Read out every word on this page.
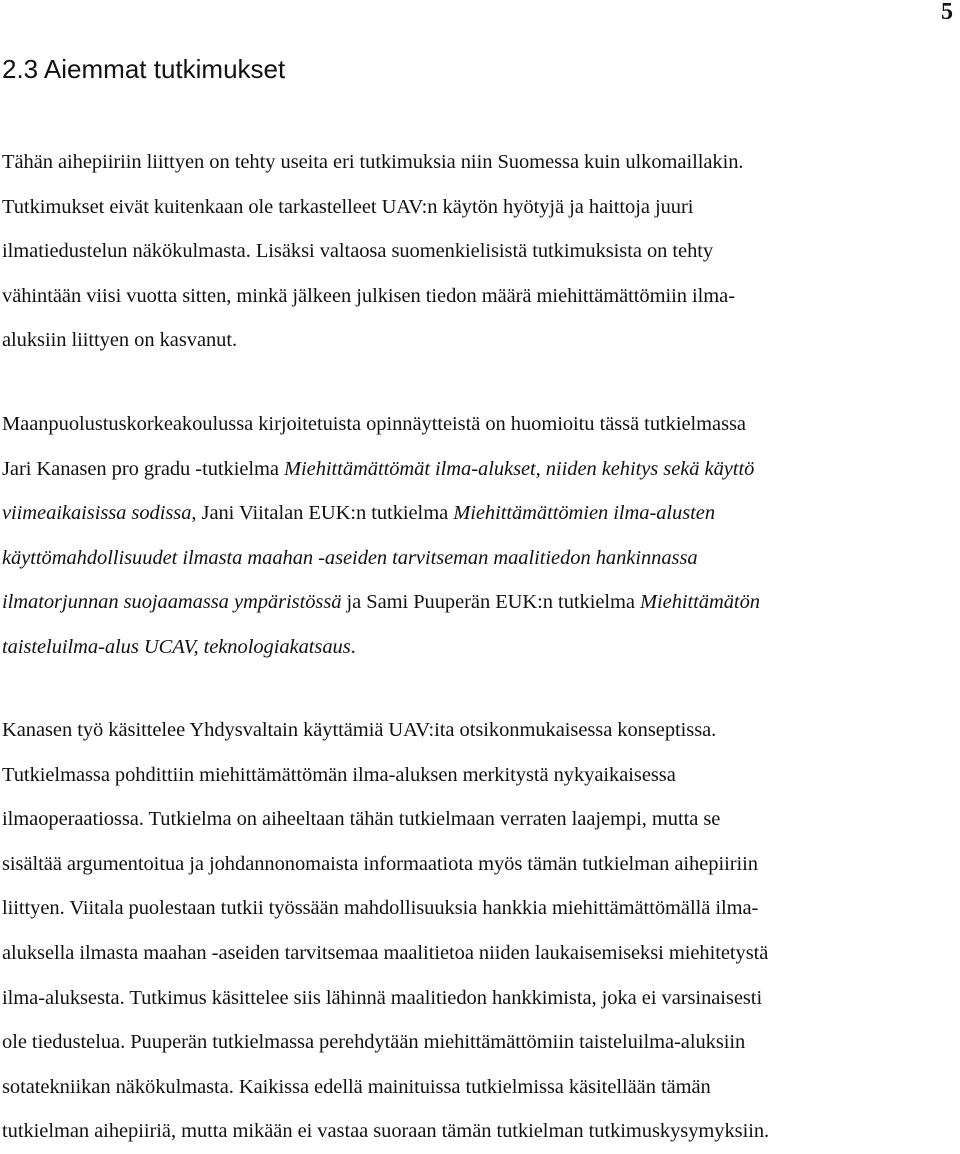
5
2.3 Aiemmat tutkimukset
Tähän aihepiiriin liittyen on tehty useita eri tutkimuksia niin Suomessa kuin ulkomaillakin.
Tutkimukset eivät kuitenkaan ole tarkastelleet UAV:n käytön hyötyjä ja haittoja juuri
ilmatiedustelun näkökulmasta. Lisäksi valtaosa suomenkielisistä tutkimuksista on tehty
vähintään viisi vuotta sitten, minkä jälkeen julkisen tiedon määrä miehittämättömiin ilma-
aluksiin liittyen on kasvanut.
Maanpuolustuskorkeakoulussa kirjoitetuista opinnäytteistä on huomioitu tässä tutkielmassa
Jari Kanasen pro gradu -tutkielma Miehittämättömät ilma-alukset, niiden kehitys sekä käyttö
viimeaikaisissa sodissa, Jani Viitalan EUK:n tutkielma Miehittämättömien ilma-alusten
käyttömahdollisuudet ilmasta maahan -aseiden tarvitseman maalitiedon hankinnassa
ilmatorjunnan suojaamassa ympäristössä ja Sami Puuperän EUK:n tutkielma Miehittämätön
taisteluilma-alus UCAV, teknologiakatsaus.
Kanasen työ käsittelee Yhdysvaltain käyttämiä UAV:ita otsikonmukaisessa konseptissa.
Tutkielmassa pohdittiin miehittämättömän ilma-aluksen merkitystä nykyaikaisessa
ilmaoperaatiossa. Tutkielma on aiheeltaan tähän tutkielmaan verraten laajempi, mutta se
sisältää argumentoitua ja johdannonomaista informaatiota myös tämän tutkielman aihepiiriin
liittyen. Viitala puolestaan tutkii työssään mahdollisuuksia hankkia miehittämättömällä ilma-
aluksella ilmasta maahan -aseiden tarvitsemaa maalitietoa niiden laukaisemiseksi miehitetystä
ilma-aluksesta. Tutkimus käsittelee siis lähinnä maalitiedon hankkimista, joka ei varsinaisesti
ole tiedustelua. Puuperän tutkielmassa perehdytään miehittämättömiin taisteluilma-aluksiin
sotatekniikan näkökulmasta. Kaikissa edellä mainituissa tutkielmissa käsitellään tämän
tutkielman aihepiiriä, mutta mikään ei vastaa suoraan tämän tutkielman tutkimuskysymyksiin.
